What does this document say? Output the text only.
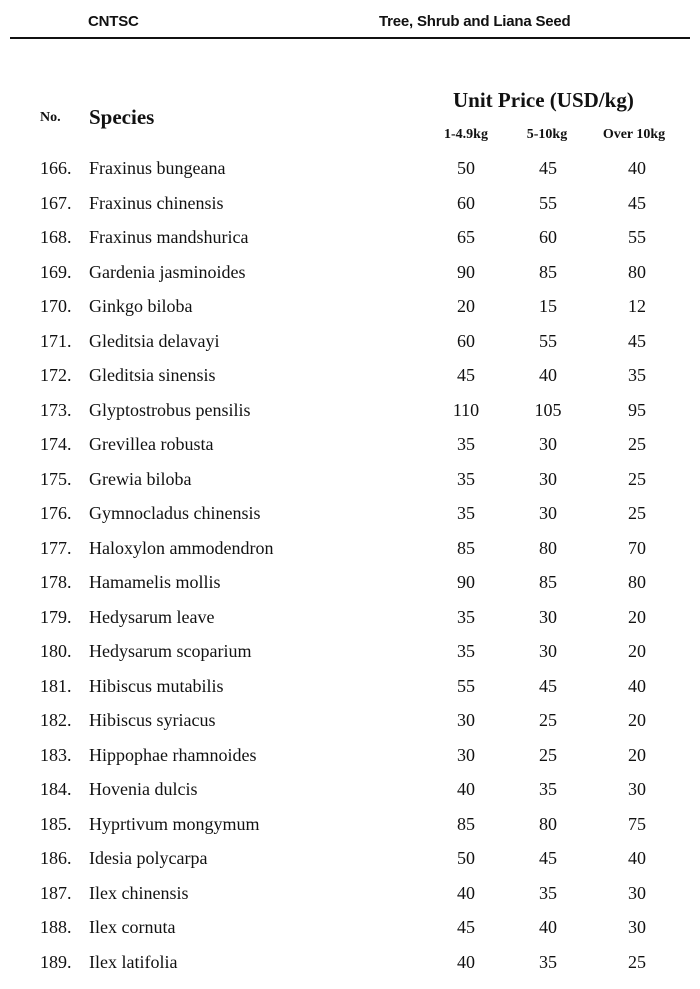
CNTSC	Tree, Shrub and Liana Seed
No. Species
Unit Price (USD/kg)
1-4.9kg	5-10kg	Over 10kg
166. Fraxinus bungeana	50	45	40
167. Fraxinus chinensis	60	55	45
168. Fraxinus mandshurica	65	60	55
169. Gardenia jasminoides	90	85	80
170. Ginkgo biloba	20	15	12
171. Gleditsia delavayi	60	55	45
172. Gleditsia sinensis	45	40	35
173. Glyptostrobus pensilis	110	105	95
174. Grevillea robusta	35	30	25
175. Grewia biloba	35	30	25
176. Gymnocladus chinensis	35	30	25
177. Haloxylon ammodendron	85	80	70
178. Hamamelis mollis	90	85	80
179. Hedysarum leave	35	30	20
180. Hedysarum scoparium	35	30	20
181. Hibiscus mutabilis	55	45	40
182. Hibiscus syriacus	30	25	20
183. Hippophae rhamnoides	30	25	20
184. Hovenia dulcis	40	35	30
185. Hyprtivum mongymum	85	80	75
186. Idesia polycarpa	50	45	40
187. Ilex chinensis	40	35	30
188. Ilex cornuta	45	40	30
189. Ilex latifolia	40	35	25
